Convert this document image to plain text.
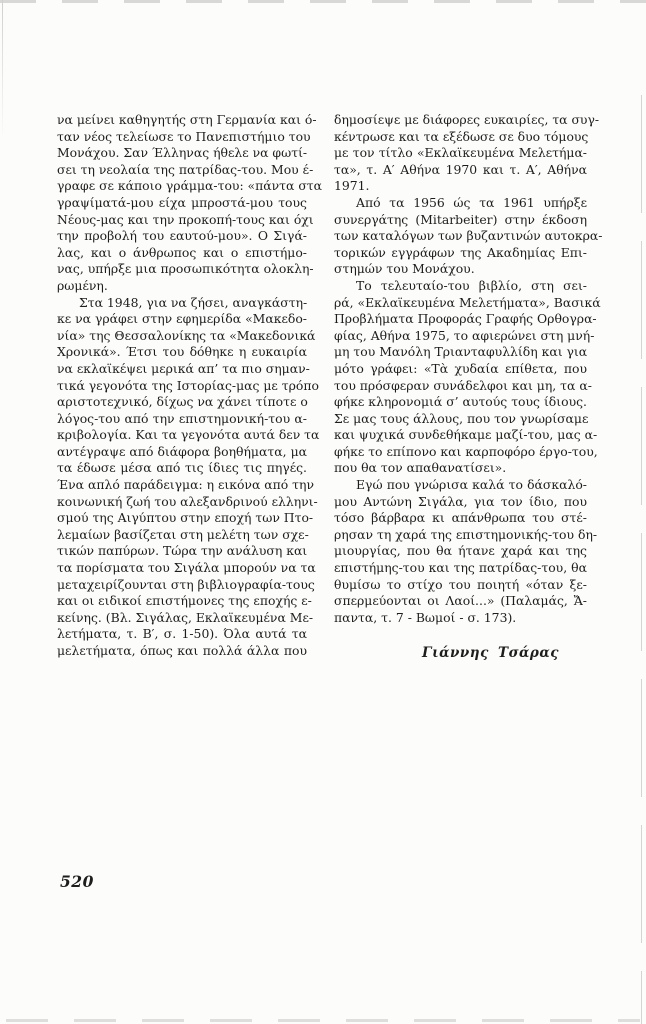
να μείνει καθηγητής στη Γερμανία και ό-
ταν νέος τελείωσε το Πανεπιστήμιο του
Μονάχου. Σαν Έλληνας ήθελε να φωτί-
σει τη νεολαία της πατρίδας-του. Μου έ-
γραφε σε κάποιο γράμμα-του: «πάντα στα
γραψίματά-μου είχα μπροστά-μου τους
Νέους-μας και την προκοπή-τους και όχι
την προβολή του εαυτού-μου». Ο Σιγά-
λας, και ο άνθρωπος και ο επιστήμο-
νας, υπήρξε μια προσωπικότητα ολοκλη-
ρωμένη.
Στα 1948, για να ζήσει, αναγκάστη-
κε να γράφει στην εφημερίδα «Μακεδο-
νία» της Θεσσαλονίκης τα «Μακεδονικά
Χρονικά». Έτσι του δόθηκε η ευκαιρία
να εκλαϊκέψει μερικά απ’ τα πιο σημαν-
τικά γεγονότα της Ιστορίας-μας με τρόπο
αριστοτεχνικό, δίχως να χάνει τίποτε ο
λόγος-του από την επιστημονική-του α-
κριβολογία. Και τα γεγονότα αυτά δεν τα
αντέγραψε από διάφορα βοηθήματα, μα
τα έδωσε μέσα από τις ίδιες τις πηγές.
Ένα απλό παράδειγμα: η εικόνα από την
κοινωνική ζωή του αλεξανδρινού ελληνι-
σμού της Αιγύπτου στην εποχή των Πτο-
λεμαίων βασίζεται στη μελέτη των σχε-
τικών παπύρων. Τώρα την ανάλυση και
τα πορίσματα του Σιγάλα μπορούν να τα
μεταχειρίζουνται στη βιβλιογραφία-τους
και οι ειδικοί επιστήμονες της εποχής ε-
κείνης. (Βλ. Σιγάλας, Εκλαϊκευμένα Με-
λετήματα, τ. Β′, σ. 1-50). Όλα αυτά τα
μελετήματα, όπως και πολλά άλλα που
δημοσίεψε με διάφορες ευκαιρίες, τα συγ-
κέντρωσε και τα εξέδωσε σε δυο τόμους
με τον τίτλο «Εκλαϊκευμένα Μελετήμα-
τα», τ. Α′ Αθήνα 1970 και τ. Α′, Αθήνα
1971.
Από τα 1956 ώς τα 1961 υπήρξε
συνεργάτης (Mitarbeiter) στην έκδοση
των καταλόγων των βυζαντινών αυτοκρα-
τορικών εγγράφων της Ακαδημίας Επι-
στημών του Μονάχου.
Το τελευταίο-του βιβλίο, στη σει-
ρά, «Εκλαϊκευμένα Μελετήματα», Βασικά
Προβλήματα Προφοράς Γραφής Ορθογρα-
φίας, Αθήνα 1975, το αφιερώνει στη μνή-
μη του Μανόλη Τριανταφυλλίδη και για
μότο γράφει: «Τὰ χυδαία επίθετα, που
του πρόσφεραν συνάδελφοι και μη, τα α-
φήκε κληρονομιά σ’ αυτούς τους ίδιους.
Σε μας τους άλλους, που τον γνωρίσαμε
και ψυχικά συνδεθήκαμε μαζί-του, μας α-
φήκε το επίπονο και καρποφόρο έργο-του,
που θα τον απαθανατίσει».
Εγώ που γνώρισα καλά το δάσκαλό-
μου Αντώνη Σιγάλα, για τον ίδιο, που
τόσο βάρβαρα κι απάνθρωπα του στέ-
ρησαν τη χαρά της επιστημονικής-του δη-
μιουργίας, που θα ήτανε χαρά και της
επιστήμης-του και της πατρίδας-του, θα
θυμίσω το στίχο του ποιητή «όταν ξε-
σπερμεύονται οι Λαοί...» (Παλαμάς, Ἄ-
παντα, τ. 7 - Βωμοί - σ. 173).
Γιάννης Τσάρας
520
